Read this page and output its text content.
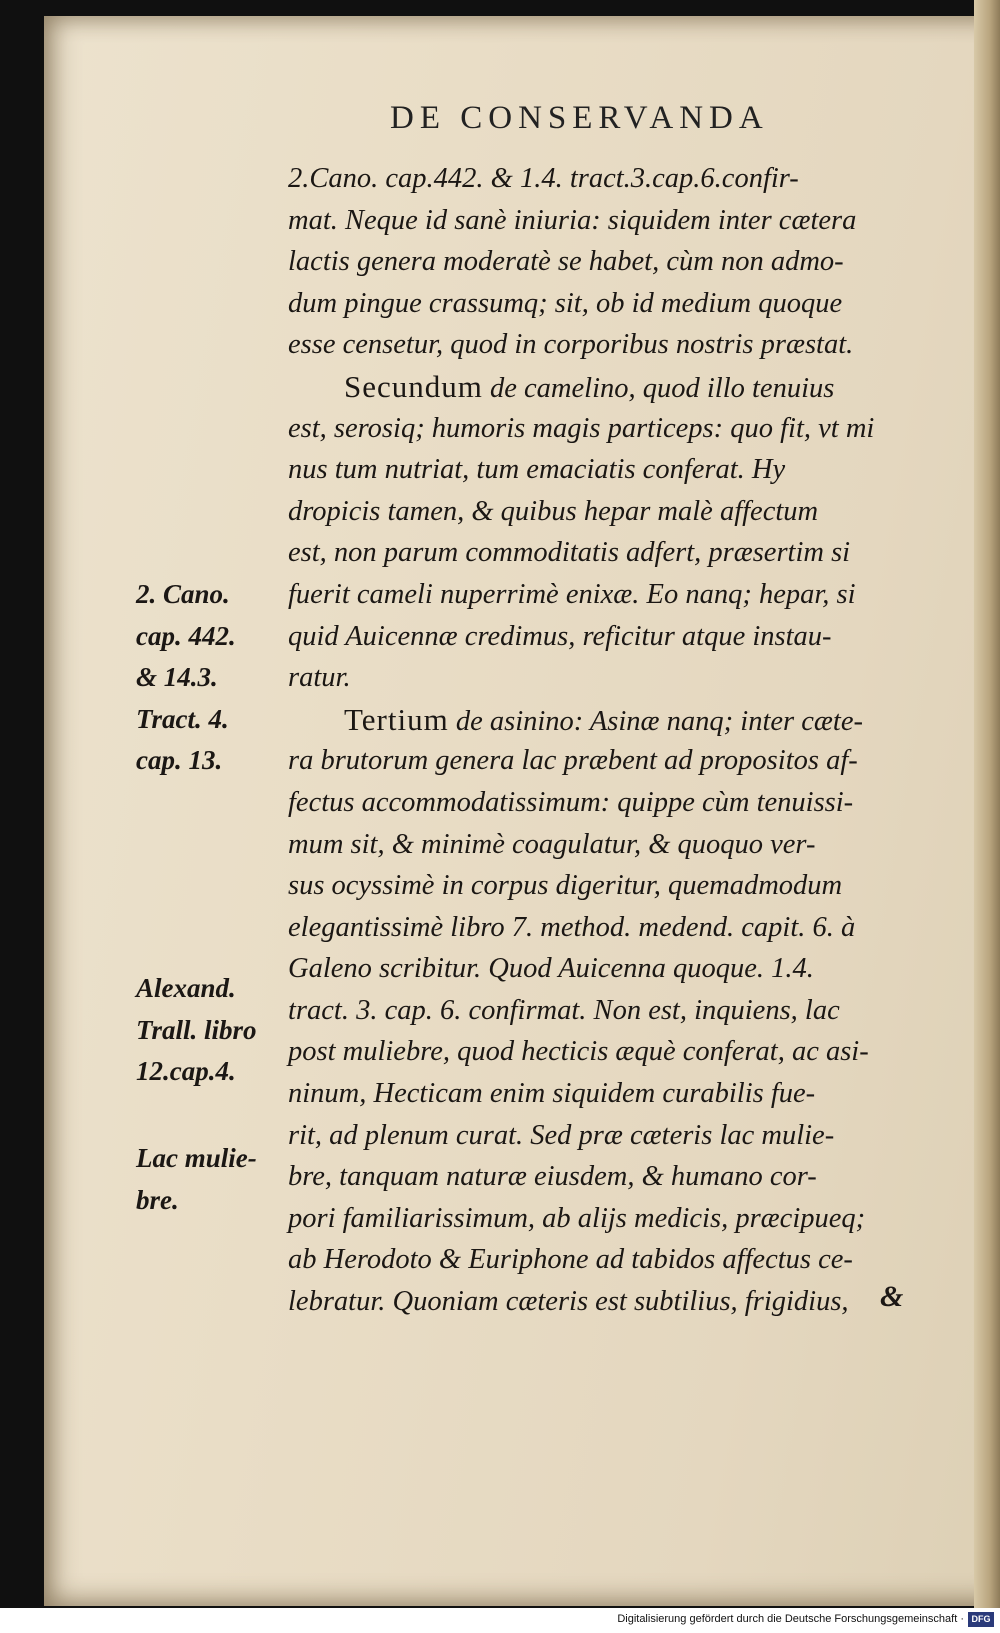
DE CONSERVANDA
2.Cano. cap.442. & 1.4. tract.3.cap.6.confir-
mat. Neque id sanè iniuria: siquidem inter cætera
lactis genera moderatè se habet, cùm non admo-
dum pingue crassumq; sit, ob id medium quoque
esse censetur, quod in corporibus nostris præstat.
Secundum de camelino, quod illo tenuius
est, serosiq; humoris magis particeps: quo fit, vt mi
nus tum nutriat, tum emaciatis conferat. Hy
dropicis tamen, & quibus hepar malè affectum
est, non parum commoditatis adfert, præsertim si
fuerit cameli nuperrimè enixæ. Eo nanq; hepar, si
quid Auicennæ credimus, reficitur atque instau-
ratur.
Tertium de asinino: Asinæ nanq; inter cæte-
ra brutorum genera lac præbent ad propositos af-
fectus accommodatissimum: quippe cùm tenuissi-
mum sit, & minimè coagulatur, & quoquo ver-
sus ocyssimè in corpus digeritur, quemadmodum
elegantissimè libro 7. method. medend. capit. 6. à
Galeno scribitur. Quod Auicenna quoque. 1.4.
tract. 3. cap. 6. confirmat. Non est, inquiens, lac
post muliebre, quod hecticis æquè conferat, ac asi-
ninum, Hecticam enim siquidem curabilis fue-
rit, ad plenum curat. Sed præ cæteris lac mulie-
bre, tanquam naturæ eiusdem, & humano cor-
pori familiarissimum, ab alijs medicis, præcipueq;
ab Herodoto & Euriphone ad tabidos affectus ce-
lebratur. Quoniam cæteris est subtilius, frigidius,
2. Cano.
cap. 442.
& 14.3.
Tract. 4.
cap. 13.
Alexand.
Trall. libro
12.cap.4.
Lac mulie-
bre.
&
Digitalisierung gefördert durch die Deutsche Forschungsgemeinschaft · DFG
